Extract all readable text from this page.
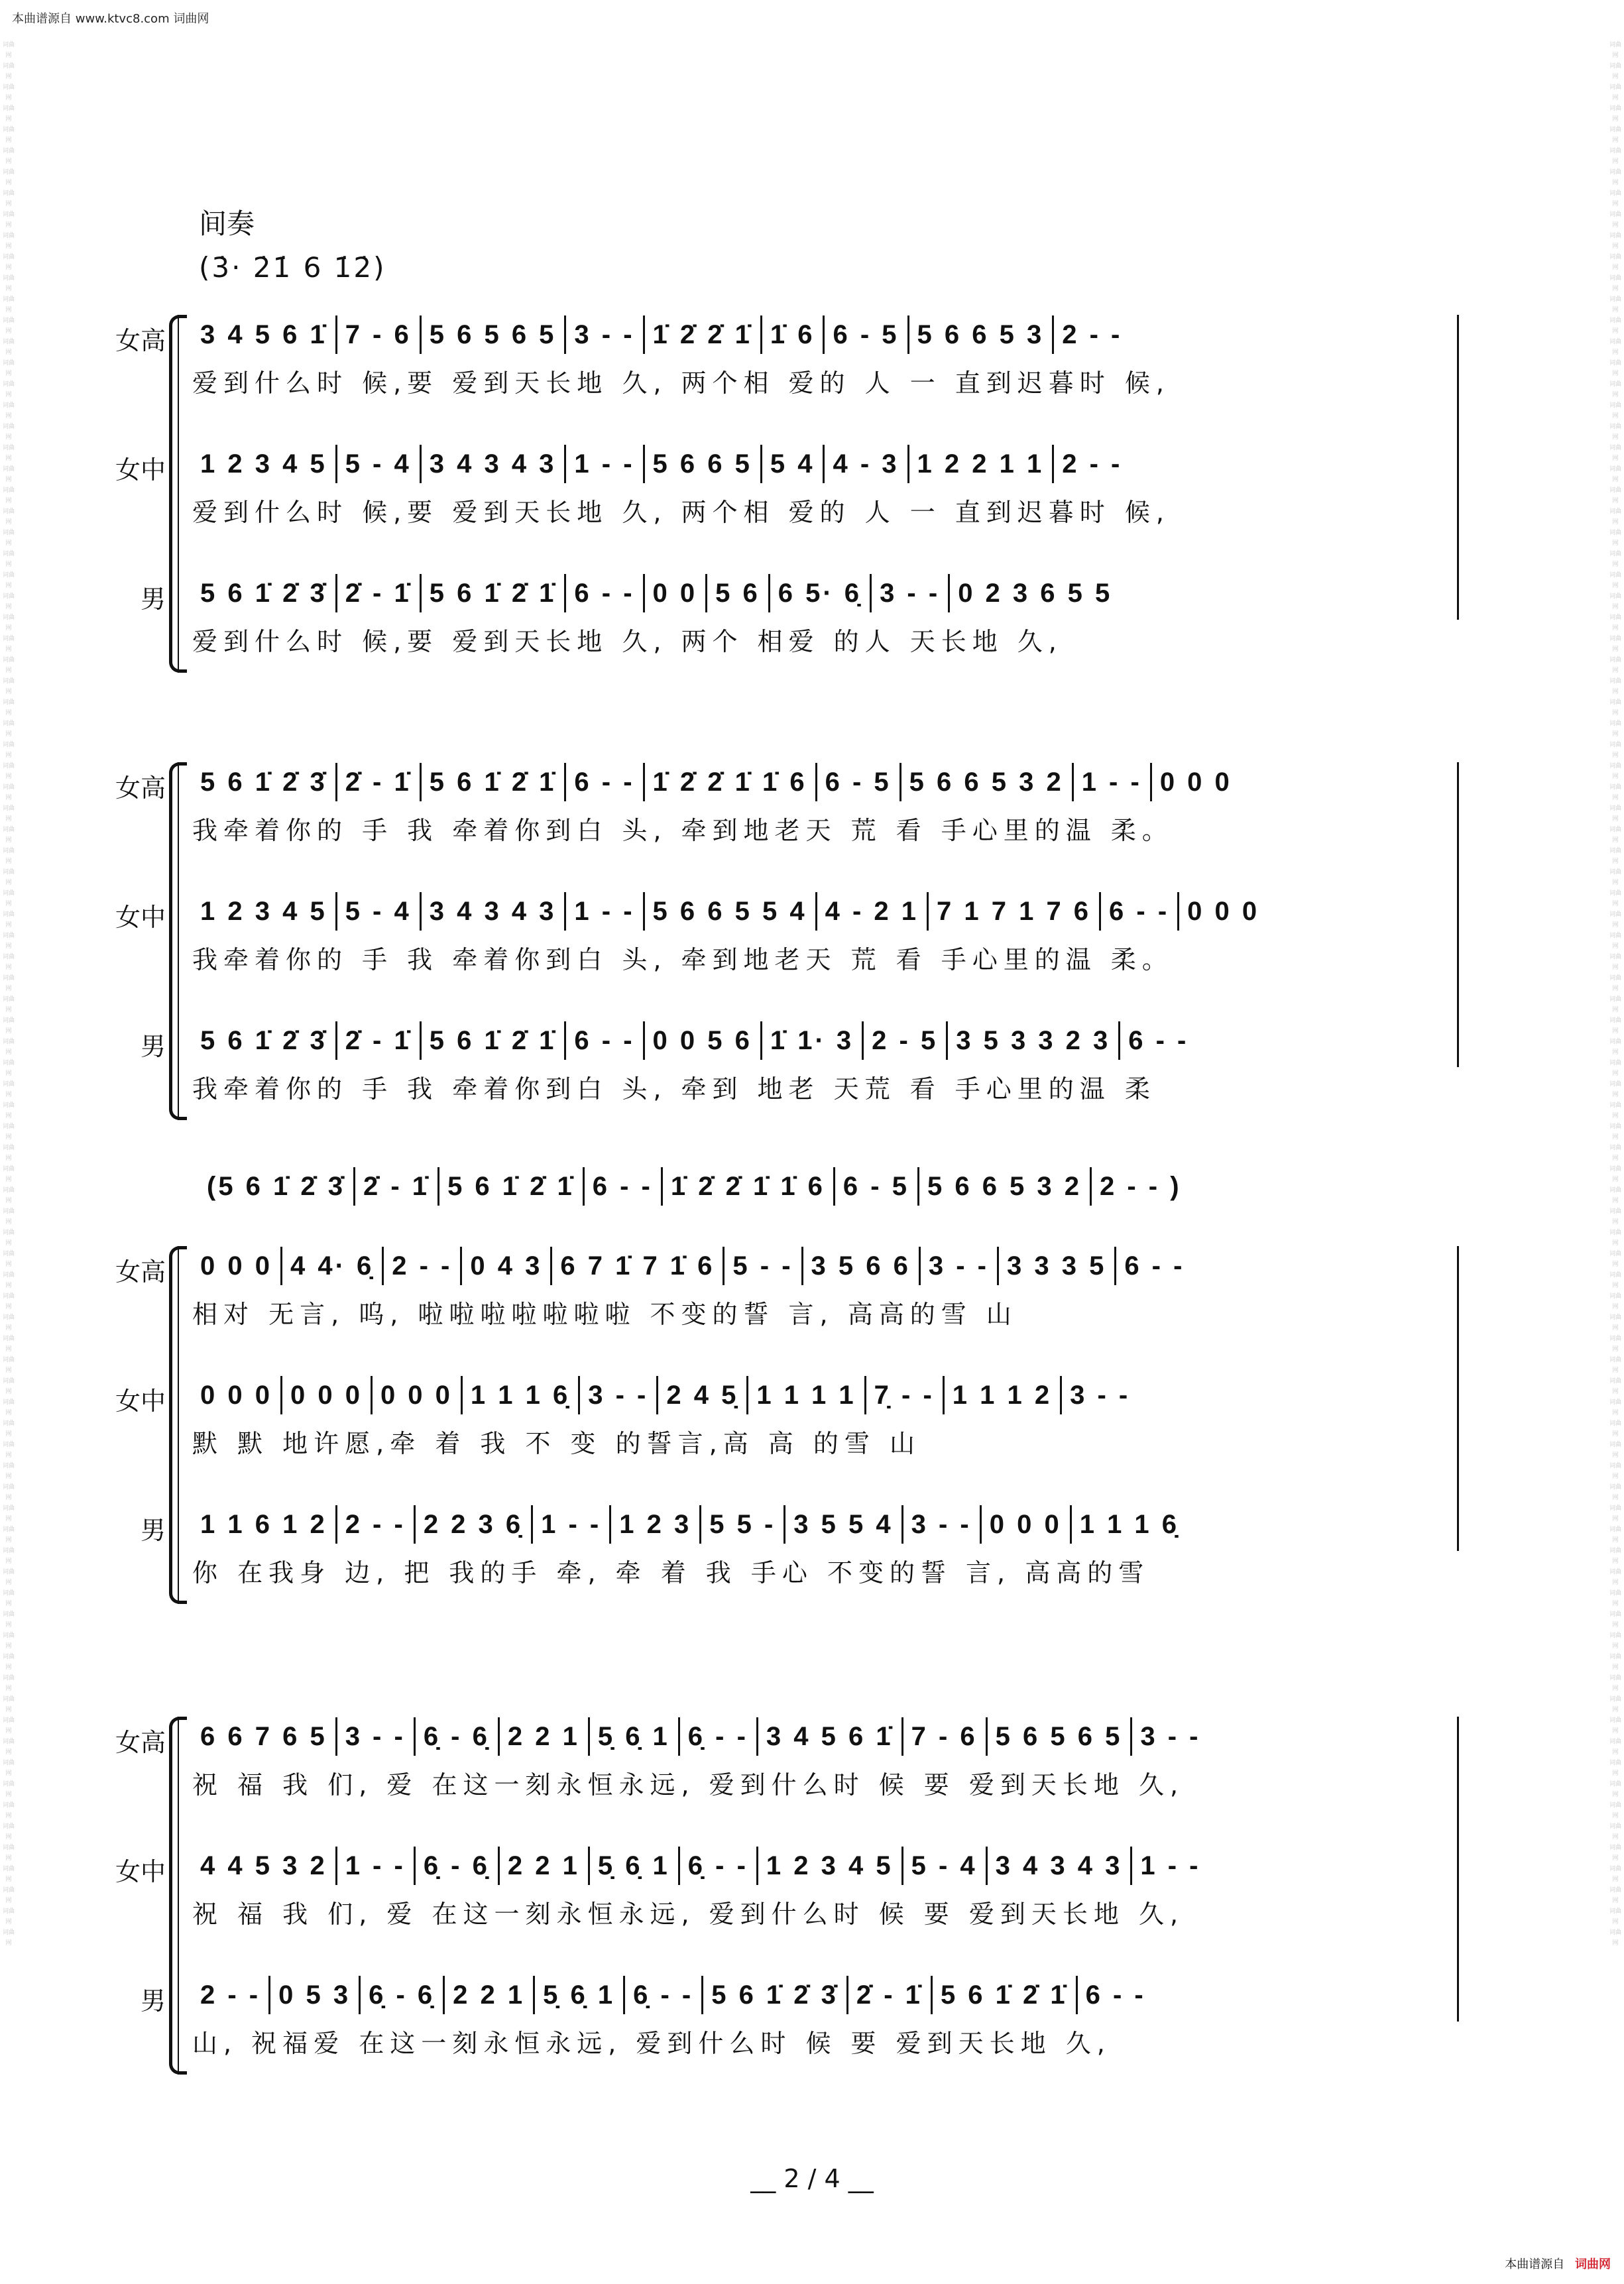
本曲谱源自 www.ktvc8.com 词曲网
词曲网
词曲网
词曲网
词曲网
词曲网
词曲网
词曲网
词曲网
词曲网
词曲网
词曲网
词曲网
词曲网
词曲网
词曲网
词曲网
词曲网
词曲网
词曲网
词曲网
词曲网
词曲网
词曲网
词曲网
词曲网
词曲网
词曲网
词曲网
词曲网
词曲网
词曲网
词曲网
词曲网
词曲网
词曲网
词曲网
词曲网
词曲网
词曲网
词曲网
词曲网
词曲网
词曲网
词曲网
词曲网
词曲网
词曲网
词曲网
词曲网
词曲网
词曲网
词曲网
词曲网
词曲网
词曲网
词曲网
词曲网
词曲网
词曲网
词曲网
词曲网
词曲网
词曲网
词曲网
词曲网
词曲网
词曲网
词曲网
词曲网
词曲网
词曲网
词曲网
词曲网
词曲网
词曲网
词曲网
词曲网
词曲网
词曲网
词曲网
词曲网
词曲网
词曲网
词曲网
词曲网
词曲网
词曲网
词曲网
词曲网
词曲网
词曲网
词曲网
词曲网
词曲网
词曲网
词曲网
词曲网
词曲网
词曲网
词曲网
词曲网
词曲网
词曲网
词曲网
词曲网
词曲网
词曲网
词曲网
词曲网
词曲网
词曲网
词曲网
词曲网
词曲网
词曲网
词曲网
词曲网
词曲网
词曲网
词曲网
词曲网
词曲网
词曲网
词曲网
词曲网
词曲网
词曲网
词曲网
词曲网
词曲网
词曲网
词曲网
词曲网
词曲网
词曲网
词曲网
词曲网
词曲网
词曲网
词曲网
词曲网
词曲网
词曲网
词曲网
词曲网
词曲网
词曲网
词曲网
词曲网
词曲网
词曲网
词曲网
词曲网
词曲网
词曲网
词曲网
词曲网
词曲网
词曲网
词曲网
词曲网
词曲网
词曲网
词曲网
词曲网
词曲网
词曲网
词曲网
词曲网
词曲网
词曲网
词曲网
词曲网
词曲网
词曲网
词曲网
词曲网
词曲网
词曲网
词曲网
间奏
(3̇· 2̇1̇ 6 1̇2̇)
女高	3 4 5 6 1̇ 7 - 6 5 6 5 6 5 3 - - 1̇ 2̇ 2̇ 1̇ 1̇ 6 6 - 5 5 6 6 5 3 2 - -
爱到什么时 候,要 爱到天长地 久, 两个相 爱的 人 一 直到迟暮时 候,
女中	1 2 3 4 5 5 - 4 3 4 3 4 3 1 - - 5 6 6 5 5 4 4 - 3 1 2 2 1 1 2 - -
爱到什么时 候,要 爱到天长地 久, 两个相 爱的 人 一 直到迟暮时 候,
男	5 6 1̇ 2̇ 3̇ 2̇ - 1̇ 5 6 1̇ 2̇ 1̇ 6 - - 0 0 5 6 6 5· 6̣ 3 - - 0 2 3 6 5 5
爱到什么时 候,要 爱到天长地 久, 两个 相爱 的人 天长地 久,
女高	5 6 1̇ 2̇ 3̇ 2̇ - 1̇ 5 6 1̇ 2̇ 1̇ 6 - - 1̇ 2̇ 2̇ 1̇ 1̇ 6 6 - 5 5 6 6 5 3 2 1 - - 0 0 0
我牵着你的 手 我 牵着你到白 头, 牵到地老天 荒 看 手心里的温 柔。
女中	1 2 3 4 5 5 - 4 3 4 3 4 3 1 - - 5 6 6 5 5 4 4 - 2 1 7 1 7 1 7 6 6 - - 0 0 0
我牵着你的 手 我 牵着你到白 头, 牵到地老天 荒 看 手心里的温 柔。
男	5 6 1̇ 2̇ 3̇ 2̇ - 1̇ 5 6 1̇ 2̇ 1̇ 6 - - 0 0 5 6 1̇ 1· 3 2 - 5 3 5 3 3 2 3 6 - -
我牵着你的 手 我 牵着你到白 头, 牵到 地老 天荒 看 手心里的温 柔
女高	0 0 0 4 4· 6̣ 2 - - 0 4 3 6 7 1̇ 7 1̇ 6 5 - - 3 5 6 6 3 - - 3 3 3 5 6 - -
相对 无言, 呜, 啦啦啦啦啦啦啦 不变的誓 言, 高高的雪 山
女中	0 0 0 0 0 0 0 0 0 1 1 1 6̣ 3 - - 2 4 5̣ 1 1 1 1 7̣ - - 1 1 1 2 3 - -
默 默 地许愿,牵 着 我 不 变 的誓言,高 高 的雪 山
男	1 1 6 1 2 2 - - 2 2 3 6̣ 1 - - 1 2 3 5 5 - 3 5 5 4 3 - - 0 0 0 1 1 1 6̣
你 在我身 边, 把 我的手 牵, 牵 着 我 手心 不变的誓 言, 高高的雪
女高	6 6 7 6 5 3 - - 6̣ - 6̣ 2 2 1 5̣ 6̣ 1 6̣ - - 3 4 5 6 1̇ 7 - 6 5 6 5 6 5 3 - -
祝 福 我 们, 爱 在这一刻永恒永远, 爱到什么时 候 要 爱到天长地 久,
女中	4 4 5 3 2 1 - - 6̣ - 6̣ 2 2 1 5̣ 6̣ 1 6̣ - - 1 2 3 4 5 5 - 4 3 4 3 4 3 1 - -
祝 福 我 们, 爱 在这一刻永恒永远, 爱到什么时 候 要 爱到天长地 久,
男	2 - - 0 5 3 6̣ - 6̣ 2 2 1 5̣ 6̣ 1 6̣ - - 5 6 1̇ 2̇ 3̇ 2̇ - 1̇ 5 6 1̇ 2̇ 1̇ 6 - -
山, 祝福爱 在这一刻永恒永远, 爱到什么时 候 要 爱到天长地 久,
(5 6 1̇ 2̇ 3̇ 2̇ - 1̇ 5 6 1̇ 2̇ 1̇ 6 - - 1̇ 2̇ 2̇ 1̇ 1̇ 6 6 - 5 5 6 6 5 3 2 2 - - )
__ 2 / 4 __
本曲谱源自 词曲网
